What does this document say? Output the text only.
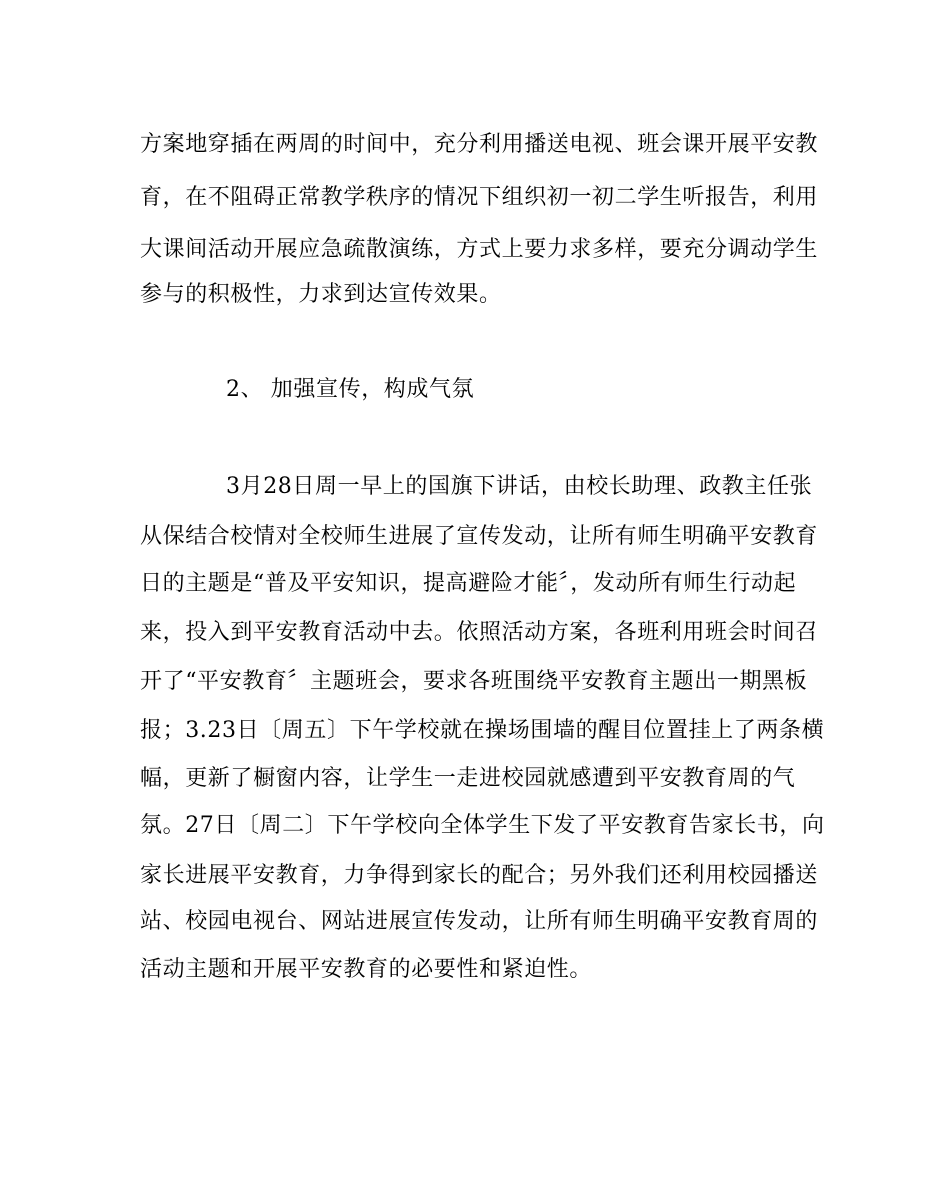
方案地穿插在两周的时间中，充分利用播送电视、班会课开展平安教
育，在不阻碍正常教学秩序的情况下组织初一初二学生听报告，利用
大课间活动开展应急疏散演练，方式上要力求多样，要充分调动学生
参与的积极性，力求到达宣传效果。
2、 加强宣传，构成气氛
3月28日周一早上的国旗下讲话，由校长助理、政教主任张
从保结合校情对全校师生进展了宣传发动，让所有师生明确平安教育
日的主题是“普及平安知识，提高避险才能〞，发动所有师生行动起
来，投入到平安教育活动中去。依照活动方案，各班利用班会时间召
开了“平安教育〞主题班会，要求各班围绕平安教育主题出一期黑板
报；3.23日〔周五〕下午学校就在操场围墙的醒目位置挂上了两条横
幅，更新了橱窗内容，让学生一走进校园就感遭到平安教育周的气
氛。27日〔周二〕下午学校向全体学生下发了平安教育告家长书，向
家长进展平安教育，力争得到家长的配合；另外我们还利用校园播送
站、校园电视台、网站进展宣传发动，让所有师生明确平安教育周的
活动主题和开展平安教育的必要性和紧迫性。
